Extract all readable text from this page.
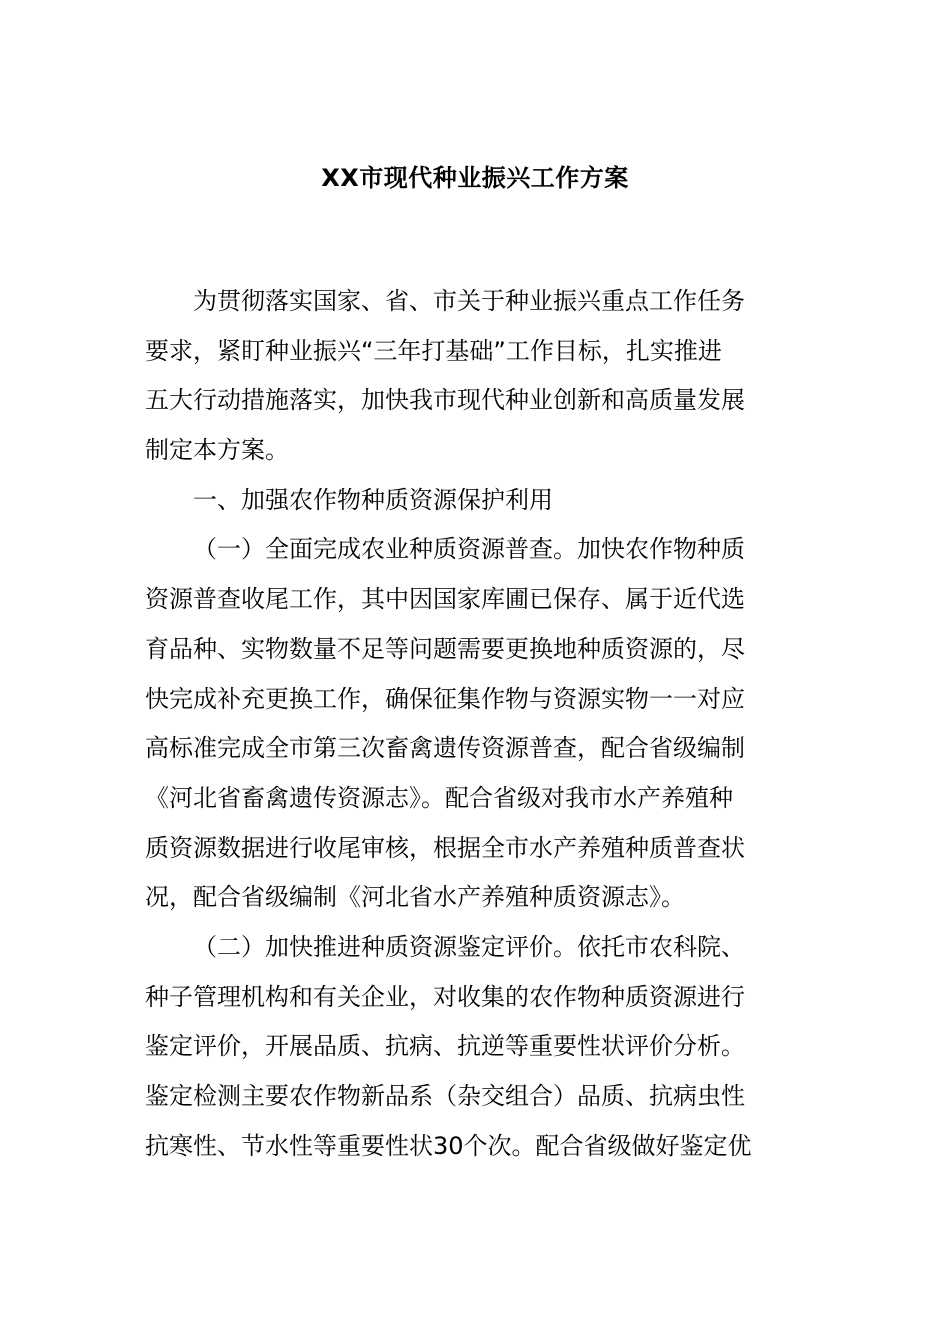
XX市现代种业振兴工作方案
为贯彻落实国家、省、市关于种业振兴重点工作任务
要求，紧盯种业振兴“三年打基础”工作目标，扎实推进
五大行动措施落实，加快我市现代种业创新和高质量发展
制定本方案。
一、加强农作物种质资源保护利用
（一）全面完成农业种质资源普查。加快农作物种质
资源普查收尾工作，其中因国家库圃已保存、属于近代选
育品种、实物数量不足等问题需要更换地种质资源的，尽
快完成补充更换工作，确保征集作物与资源实物一一对应
高标准完成全市第三次畜禽遗传资源普查，配合省级编制
《河北省畜禽遗传资源志》。配合省级对我市水产养殖种
质资源数据进行收尾审核，根据全市水产养殖种质普查状
况，配合省级编制《河北省水产养殖种质资源志》。
（二）加快推进种质资源鉴定评价。依托市农科院、
种子管理机构和有关企业，对收集的农作物种质资源进行
鉴定评价，开展品质、抗病、抗逆等重要性状评价分析。
鉴定检测主要农作物新品系（杂交组合）品质、抗病虫性
抗寒性、节水性等重要性状30个次。配合省级做好鉴定优
